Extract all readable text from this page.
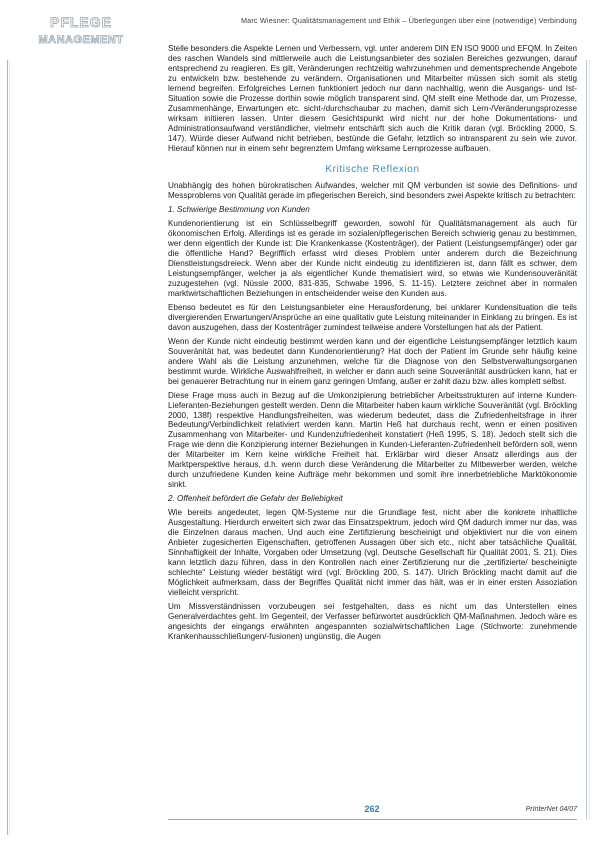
PFLEGE
MANAGEMENT
Marc Wiesner: Qualitätsmanagement und Ethik – Überlegungen über eine (notwendige) Verbindung

Stelle besonders die Aspekte Lernen und Verbessern, vgl. unter anderem DIN EN ISO 9000 und EFQM. In Zeiten des raschen Wandels sind mittlerweile auch die Leistungsanbieter des sozialen Bereiches gezwungen, darauf entsprechend zu reagieren. Es gilt, Veränderungen rechtzeitig wahrzunehmen und dementsprechende Angebote zu entwickeln bzw. bestehende zu verändern. Organisationen und Mitarbeiter müssen sich somit als stetig lernend begreifen. Erfolgreiches Lernen funktioniert jedoch nur dann nachhaltig, wenn die Ausgangs- und Ist-Situation sowie die Prozesse dorthin sowie möglich transparent sind. QM stellt eine Methode dar, um Prozesse, Zusammenhänge, Erwartungen etc. sicht-/durchschaubar zu machen, damit sich Lern-/Veränderungsprozesse wirksam initiieren lassen. Unter diesem Gesichtspunkt wird nicht nur der hohe Dokumentations- und Administrationsaufwand verständlicher, vielmehr entschärft sich auch die Kritik daran (vgl. Bröckling 2000, S. 147). Würde dieser Aufwand nicht betrieben, bestünde die Gefahr, letztlich so intransparent zu sein wie zuvor. Hierauf können nur in einem sehr begrenztem Umfang wirksame Lernprozesse aufbauen.

Kritische Reflexion

Unabhängig des hohen bürokratischen Aufwandes, welcher mit QM verbunden ist sowie des Definitions- und Messproblems von Qualität gerade im pflegerischen Bereich, sind besonders zwei Aspekte kritisch zu betrachten:

1. Schwierige Bestimmung von Kunden

Kundenorientierung ist ein Schlüsselbegriff geworden, sowohl für Qualitätsmanagement als auch für ökonomischen Erfolg. Allerdings ist es gerade im sozialen/pflegerischen Bereich schwierig genau zu bestimmen, wer denn eigentlich der Kunde ist: Die Krankenkasse (Kostenträger), der Patient (Leistungsempfänger) oder gar die öffentliche Hand? Begrifflich erfasst wird dieses Problem unter anderem durch die Bezeichnung Dienstleistungsdreieck. Wenn aber der Kunde nicht eindeutig zu identifizieren ist, dann fällt es schwer, dem Leistungsempfänger, welcher ja als eigentlicher Kunde thematisiert wird, so etwas wie Kundensouveränität zuzugestehen (vgl. Nüssle 2000, 831-835, Schwabe 1996, S. 11-15). Letztere zeichnet aber in normalen marktwirtschaftlichen Beziehungen in entscheidender weise den Kunden aus.

Ebenso bedeutet es für den Leistungsanbieter eine Herausforderung, bei unklarer Kundensituation die teils divergierenden Erwartungen/Ansprüche an eine qualitativ gute Leistung miteinander in Einklang zu bringen. Es ist davon auszugehen, dass der Kostenträger zumindest teilweise andere Vorstellungen hat als der Patient.

Wenn der Kunde nicht eindeutig bestimmt werden kann und der eigentliche Leistungsempfänger letztlich kaum Souveränität hat, was bedeutet dann Kundenorientierung? Hat doch der Patient im Grunde sehr häufig keine andere Wahl als die Leistung anzunehmen, welche für die Diagnose von den Selbstverwaltungsorganen bestimmt wurde. Wirkliche Auswahlfreiheit, in welcher er dann auch seine Souveränität ausdrücken kann, hat er bei genauerer Betrachtung nur in einem ganz geringen Umfang, außer er zahlt dazu bzw. alles komplett selbst.

Diese Frage muss auch in Bezug auf die Umkonzipierung betrieblicher Arbeitsstrukturen auf interne Kunden-Lieferanten-Beziehungen gestellt werden. Denn die Mitarbeiter haben kaum wirkliche Souveränität (vgl. Bröckling 2000, 138f) respektive Handlungsfreiheiten, was wiederum bedeutet, dass die Zufriedenheitsfrage in ihrer Bedeutung/Verbindlichkeit relativiert werden kann. Martin Heß hat durchaus recht, wenn er einen positiven Zusammenhang von Mitarbeiter- und Kundenzufriedenheit konstatiert (Heß 1995, S. 18). Jedoch stellt sich die Frage wie denn die Konzipierung interner Beziehungen in Kunden-Lieferanten-Zufriedenheit befördern soll, wenn der Mitarbeiter im Kern keine wirkliche Freiheit hat. Erklärbar wird dieser Ansatz allerdings aus der Marktperspektive heraus, d.h. wenn durch diese Veränderung die Mitarbeiter zu Mitbewerber werden, welche durch unzufriedene Kunden keine Aufträge mehr bekommen und somit ihre innerbetriebliche Marktökonomie sinkt.

2. Offenheit befördert die Gefahr der Beliebigkeit

Wie bereits angedeutet, legen QM-Systeme nur die Grundlage fest, nicht aber die konkrete inhaltliche Ausgestaltung. Hierdurch erweitert sich zwar das Einsatzspektrum, jedoch wird QM dadurch immer nur das, was die Einzelnen daraus machen. Und auch eine Zertifizierung bescheinigt und objektiviert nur die von einem Anbieter zugesicherten Eigenschaften, getroffenen Aussagen über sich etc., nicht aber tatsächliche Qualität, Sinnhaftigkeit der Inhalte, Vorgaben oder Umsetzung (vgl. Deutsche Gesellschaft für Qualität 2001, S. 21). Dies kann letztlich dazu führen, dass in den Kontrollen nach einer Zertifizierung nur die „zertifizierte/ bescheinigte schlechte“ Leistung wieder bestätigt wird (vgl. Bröckling 200, S. 147). Ulrich Bröckling macht damit auf die Möglichkeit aufmerksam, dass der Begriffes Qualität nicht immer das hält, was er in einer ersten Assoziation vielleicht verspricht.

Um Missverständnissen vorzubeugen sei festgehalten, dass es nicht um das Unterstellen eines Generalverdachtes geht. Im Gegenteil, der Verfasser befürwortet ausdrücklich QM-Maßnahmen. Jedoch wäre es angesichts der eingangs erwähnten angespannten sozialwirtschaftlichen Lage (Stichworte: zunehmende Krankenhausschließungen/-fusionen) ungünstig, die Augen

262	PrInterNet 04/07
